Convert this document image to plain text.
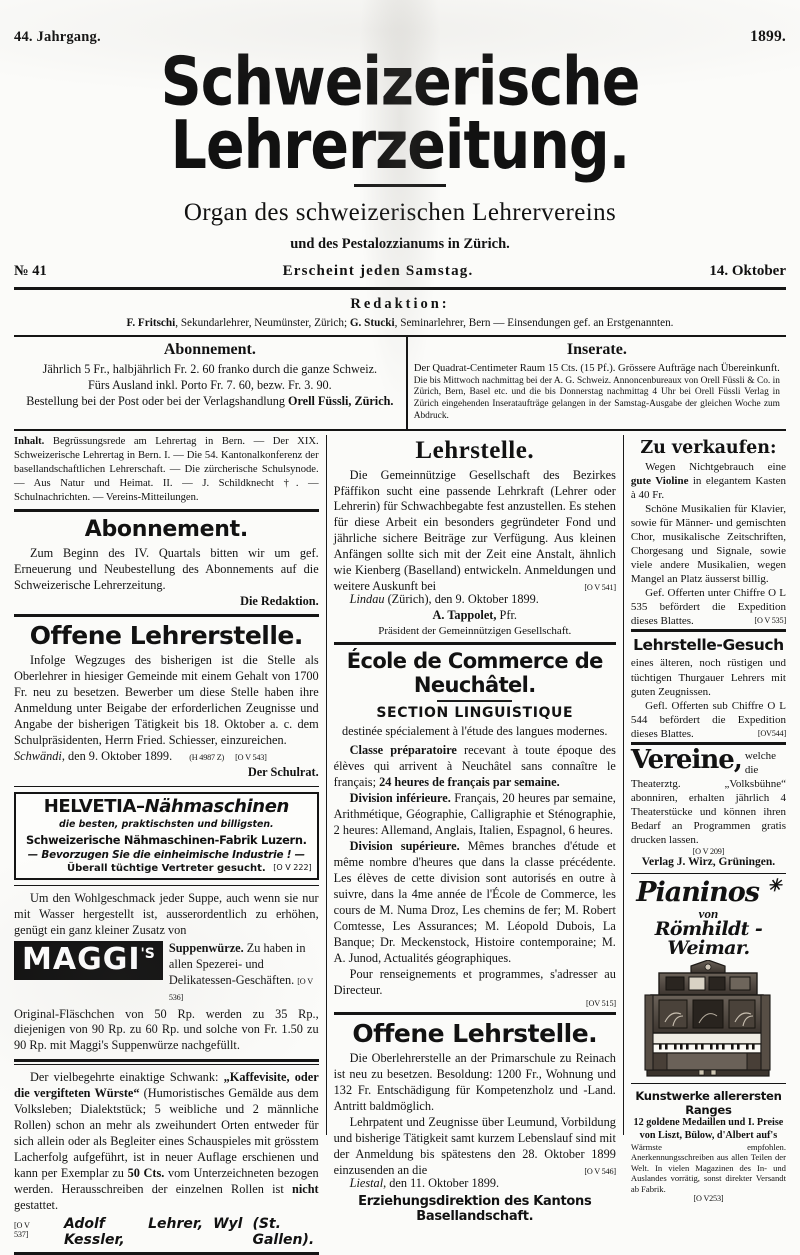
44. Jahrgang.	1899.
Schweizerische Lehrerzeitung.
Organ des schweizerischen Lehrervereins
und des Pestalozzianums in Zürich.
№ 41	Erscheint jeden Samstag.	14. Oktober
Redaktion:
F. Fritschi, Sekundarlehrer, Neumünster, Zürich; G. Stucki, Seminarlehrer, Bern — Einsendungen gef. an Erstgenannten.
Abonnement.

Jährlich 5 Fr., halbjährlich Fr. 2. 60 franko durch die ganze Schweiz.

Fürs Ausland inkl. Porto Fr. 7. 60, bezw. Fr. 3. 90.

Bestellung bei der Post oder bei der Verlagshandlung Orell Füssli, Zürich.

Inserate.

Der Quadrat-Centimeter Raum 15 Cts. (15 Pf.). Grössere Aufträge nach Übereinkunft.

Die bis Mittwoch nachmittag bei der A. G. Schweiz. Annoncenbureaux von Orell Füssli & Co. in Zürich, Bern, Basel etc. und die bis Donnerstag nachmittag 4 Uhr bei Orell Füssli Verlag in Zürich eingehenden Inserataufträge gelangen in der Samstag-Ausgabe der gleichen Woche zum Abdruck.

Inhalt. Begrüssungsrede am Lehrertag in Bern. — Der XIX. Schweizerische Lehrertag in Bern. I. — Die 54. Kantonalkonferenz der basellandschaftlichen Lehrerschaft. — Die zürcherische Schulsynode. — Aus Natur und Heimat. II. — J. Schildknecht †. — Schulnachrichten. — Vereins-Mitteilungen.
Abonnement.

Zum Beginn des IV. Quartals bitten wir um gef. Erneuerung und Neubestellung des Abonnements auf die Schweizerische Lehrerzeitung.

Die Redaktion.

Offene Lehrerstelle.

Infolge Wegzuges des bisherigen ist die Stelle als Oberlehrer in hiesiger Gemeinde mit einem Gehalt von 1700 Fr. neu zu besetzen. Bewerber um diese Stelle haben ihre Anmeldung unter Beigabe der erforderlichen Zeugnisse und Angabe der bisherigen Tätigkeit bis 18. Oktober a. c. dem Schulpräsidenten, Herrn Fried. Schiesser, einzureichen.

Schwändi, den 9. Oktober 1899. (H 4987 Z) [O V 543]

Der Schulrat.

HELVETIA–Nähmaschinen
die besten, praktischsten und billigsten.
Schweizerische Nähmaschinen-Fabrik Luzern.
— Bevorzugen Sie die einheimische Industrie ! —
Überall tüchtige Vertreter gesucht. [O V 222]

Um den Wohlgeschmack jeder Suppe, auch wenn sie nur mit Wasser hergestellt ist, ausserordentlich zu erhöhen, genügt ein ganz kleiner Zusatz von

$MAGGI^{'S}$	Suppenwürze. Zu haben in allen Spezerei- und Delikatessen-Geschäften. [O V 536]

Original-Fläschchen von 50 Rp. werden zu 35 Rp., diejenigen von 90 Rp. zu 60 Rp. und solche von Fr. 1.50 zu 90 Rp. mit Maggi's Suppenwürze nachgefüllt.

Der vielbegehrte einaktige Schwank: „Kaffevisite, oder die vergifteten Würste“ (Humoristisches Gemälde aus dem Volksleben; Dialektstück; 5 weibliche und 2 männliche Rollen) schon an mehr als zweihundert Orten entweder für sich allein oder als Begleiter eines Schauspieles mit grösstem Lacherfolg aufgeführt, ist in neuer Auflage erschienen und kann per Exemplar zu 50 Cts. vom Unterzeichneten bezogen werden. Herausschreiben der einzelnen Rollen ist nicht gestattet.

[O V 537]
Adolf Kessler,
Lehrer, Wyl (St. Gallen).

Lehrstelle.

Die Gemeinnützige Gesellschaft des Bezirkes Pfäffikon sucht eine passende Lehrkraft (Lehrer oder Lehrerin) für Schwachbegabte fest anzustellen. Es stehen für diese Arbeit ein besonders gegründeter Fond und jährliche sichere Beiträge zur Verfügung. Aus kleinen Anfängen sollte sich mit der Zeit eine Anstalt, ähnlich wie Kienberg (Baselland) entwickeln. Anmeldungen und weitere Auskunft bei	[O V 541]

Lindau (Zürich), den 9. Oktober 1899.

A. Tappolet, Pfr.

Präsident der Gemeinnützigen Gesellschaft.

École de Commerce de Neuchâtel.
SECTION LINGUISTIQUE

destinée spécialement à l'étude des langues modernes.

Classe préparatoire recevant à toute époque des élèves qui arrivent à Neuchâtel sans connaître le français; 24 heures de français par semaine.

Division inférieure. Français, 20 heures par semaine, Arithmétique, Géographie, Calligraphie et Sténographie, 2 heures: Allemand, Anglais, Italien, Espagnol, 6 heures.

Division supérieure. Mêmes branches d'étude et même nombre d'heures que dans la classe précédente. Les élèves de cette division sont autorisés en outre à suivre, dans la 4me année de l'École de Commerce, les cours de M. Numa Droz, Les chemins de fer; M. Robert Comtesse, Les Assurances; M. Léopold Dubois, La Banque; Dr. Meckenstock, Histoire contemporaine; M. A. Junod, Actualités géographiques.

Pour renseignements et programmes, s'adresser au Directeur.

[OV 515]

Offene Lehrstelle.

Die Oberlehrerstelle an der Primarschule zu Reinach ist neu zu besetzen. Besoldung: 1200 Fr., Wohnung und 132 Fr. Entschädigung für Kompetenzholz und -Land. Antritt baldmöglich.

Lehrpatent und Zeugnisse über Leumund, Vorbildung und bisherige Tätigkeit samt kurzem Lebenslauf sind mit der Anmeldung bis spätestens den 28. Oktober 1899 einzusenden an die	[O V 546]

Liestal, den 11. Oktober 1899.

Erziehungsdirektion des Kantons Basellandschaft.

Zu verkaufen:

Wegen Nichtgebrauch eine gute Violine in elegantem Kasten à 40 Fr.

Schöne Musikalien für Klavier, sowie für Männer- und gemischten Chor, musikalische Zeitschriften, Chorgesang und Signale, sowie viele andere Musikalien, wegen Mangel an Platz äusserst billig.

Gef. Offerten unter Chiffre O L 535 befördert die Expedition dieses Blattes.	[O V 535]

Lehrstelle-Gesuch

eines älteren, noch rüstigen und tüchtigen Thurgauer Lehrers mit guten Zeugnissen.

Gefl. Offerten sub Chiffre O L 544 befördert die Expedition dieses Blattes.	[OV544]

Vereine, welche die Theaterztg. „Volksbühne“ abonniren, erhalten jährlich 4 Theaterstücke und können ihren Bedarf an Programmen gratis drucken lassen.

[O V 209]

Verlag J. Wirz, Grüningen.

Pianinos ✳
von
Römhildt - Weimar.
Kunstwerke allerersten Ranges
12 goldene Medaillen und I. Preise
von Liszt, Bülow, d'Albert auf's
Wärmste empfohlen. Anerkennungsschreiben aus allen Teilen der Welt. In vielen Magazinen des In- und Auslandes vorrätig, sonst direkter Versandt ab Fabrik.
[O V253]
